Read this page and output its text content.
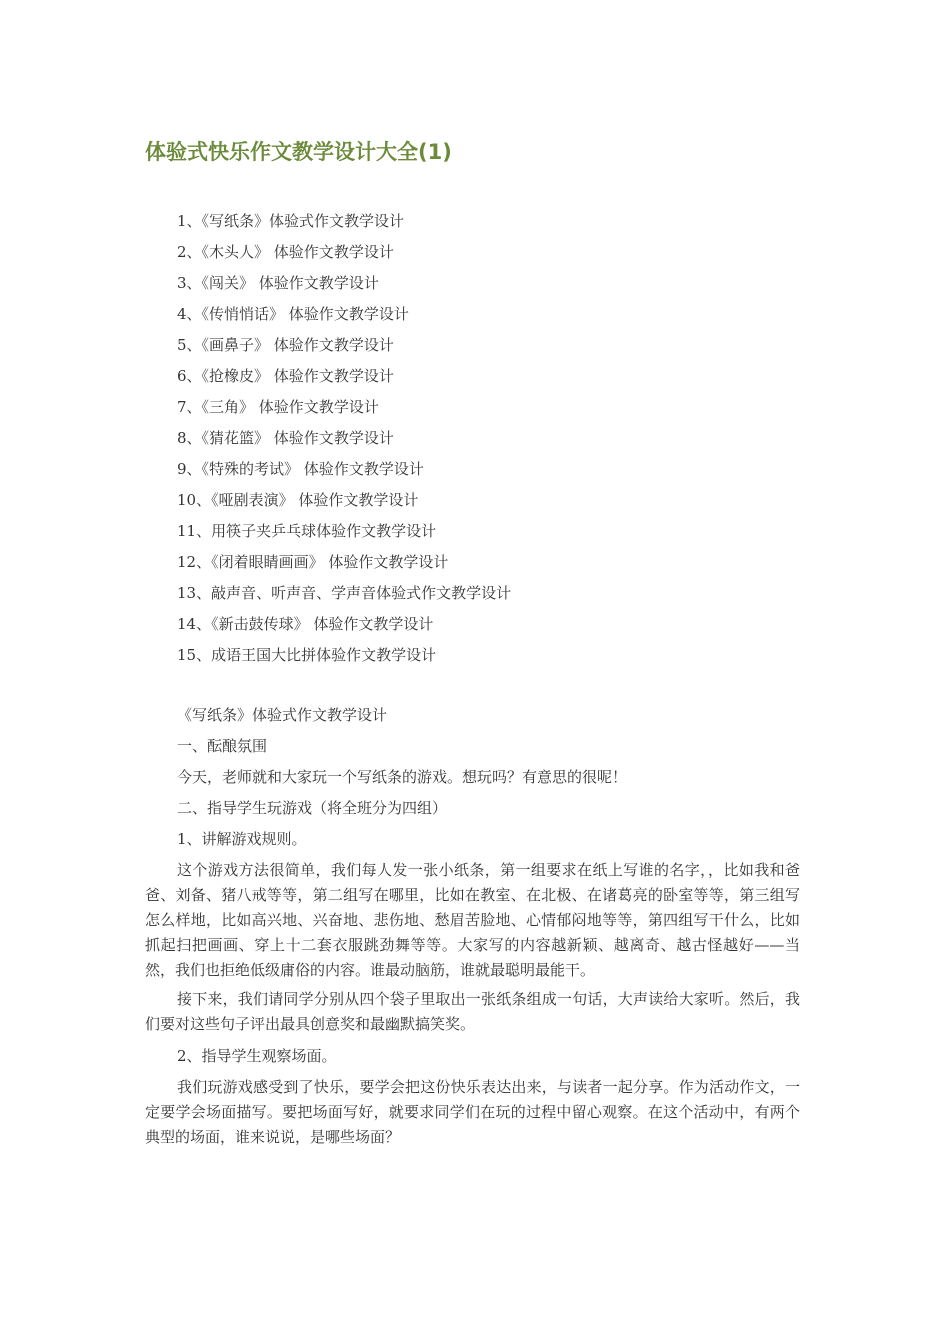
体验式快乐作文教学设计大全(1)
1、《写纸条》体验式作文教学设计
2、《木头人》 体验作文教学设计
3、《闯关》 体验作文教学设计
4、《传悄悄话》 体验作文教学设计
5、《画鼻子》 体验作文教学设计
6、《抢橡皮》 体验作文教学设计
7、《三角》 体验作文教学设计
8、《猜花篮》 体验作文教学设计
9、《特殊的考试》 体验作文教学设计
10、《哑剧表演》 体验作文教学设计
11、用筷子夹乒乓球体验作文教学设计
12、《闭着眼睛画画》 体验作文教学设计
13、敲声音、听声音、学声音体验式作文教学设计
14、《新击鼓传球》 体验作文教学设计
15、成语王国大比拼体验作文教学设计

《写纸条》体验式作文教学设计

一、酝酿氛围

今天，老师就和大家玩一个写纸条的游戏。想玩吗？有意思的很呢！

二、指导学生玩游戏（将全班分为四组）

1、讲解游戏规则。

这个游戏方法很简单，我们每人发一张小纸条，第一组要求在纸上写谁的名字，，比如我和爸爸、刘备、猪八戒等等，第二组写在哪里，比如在教室、在北极、在诸葛亮的卧室等等，第三组写怎么样地，比如高兴地、兴奋地、悲伤地、愁眉苦脸地、心情郁闷地等等，第四组写干什么，比如抓起扫把画画、穿上十二套衣服跳劲舞等等。大家写的内容越新颖、越离奇、越古怪越好——当然，我们也拒绝低级庸俗的内容。谁最动脑筋，谁就最聪明最能干。

接下来，我们请同学分别从四个袋子里取出一张纸条组成一句话，大声读给大家听。然后，我们要对这些句子评出最具创意奖和最幽默搞笑奖。

2、指导学生观察场面。

我们玩游戏感受到了快乐，要学会把这份快乐表达出来，与读者一起分享。作为活动作文，一定要学会场面描写。要把场面写好，就要求同学们在玩的过程中留心观察。在这个活动中，有两个典型的场面，谁来说说，是哪些场面？
